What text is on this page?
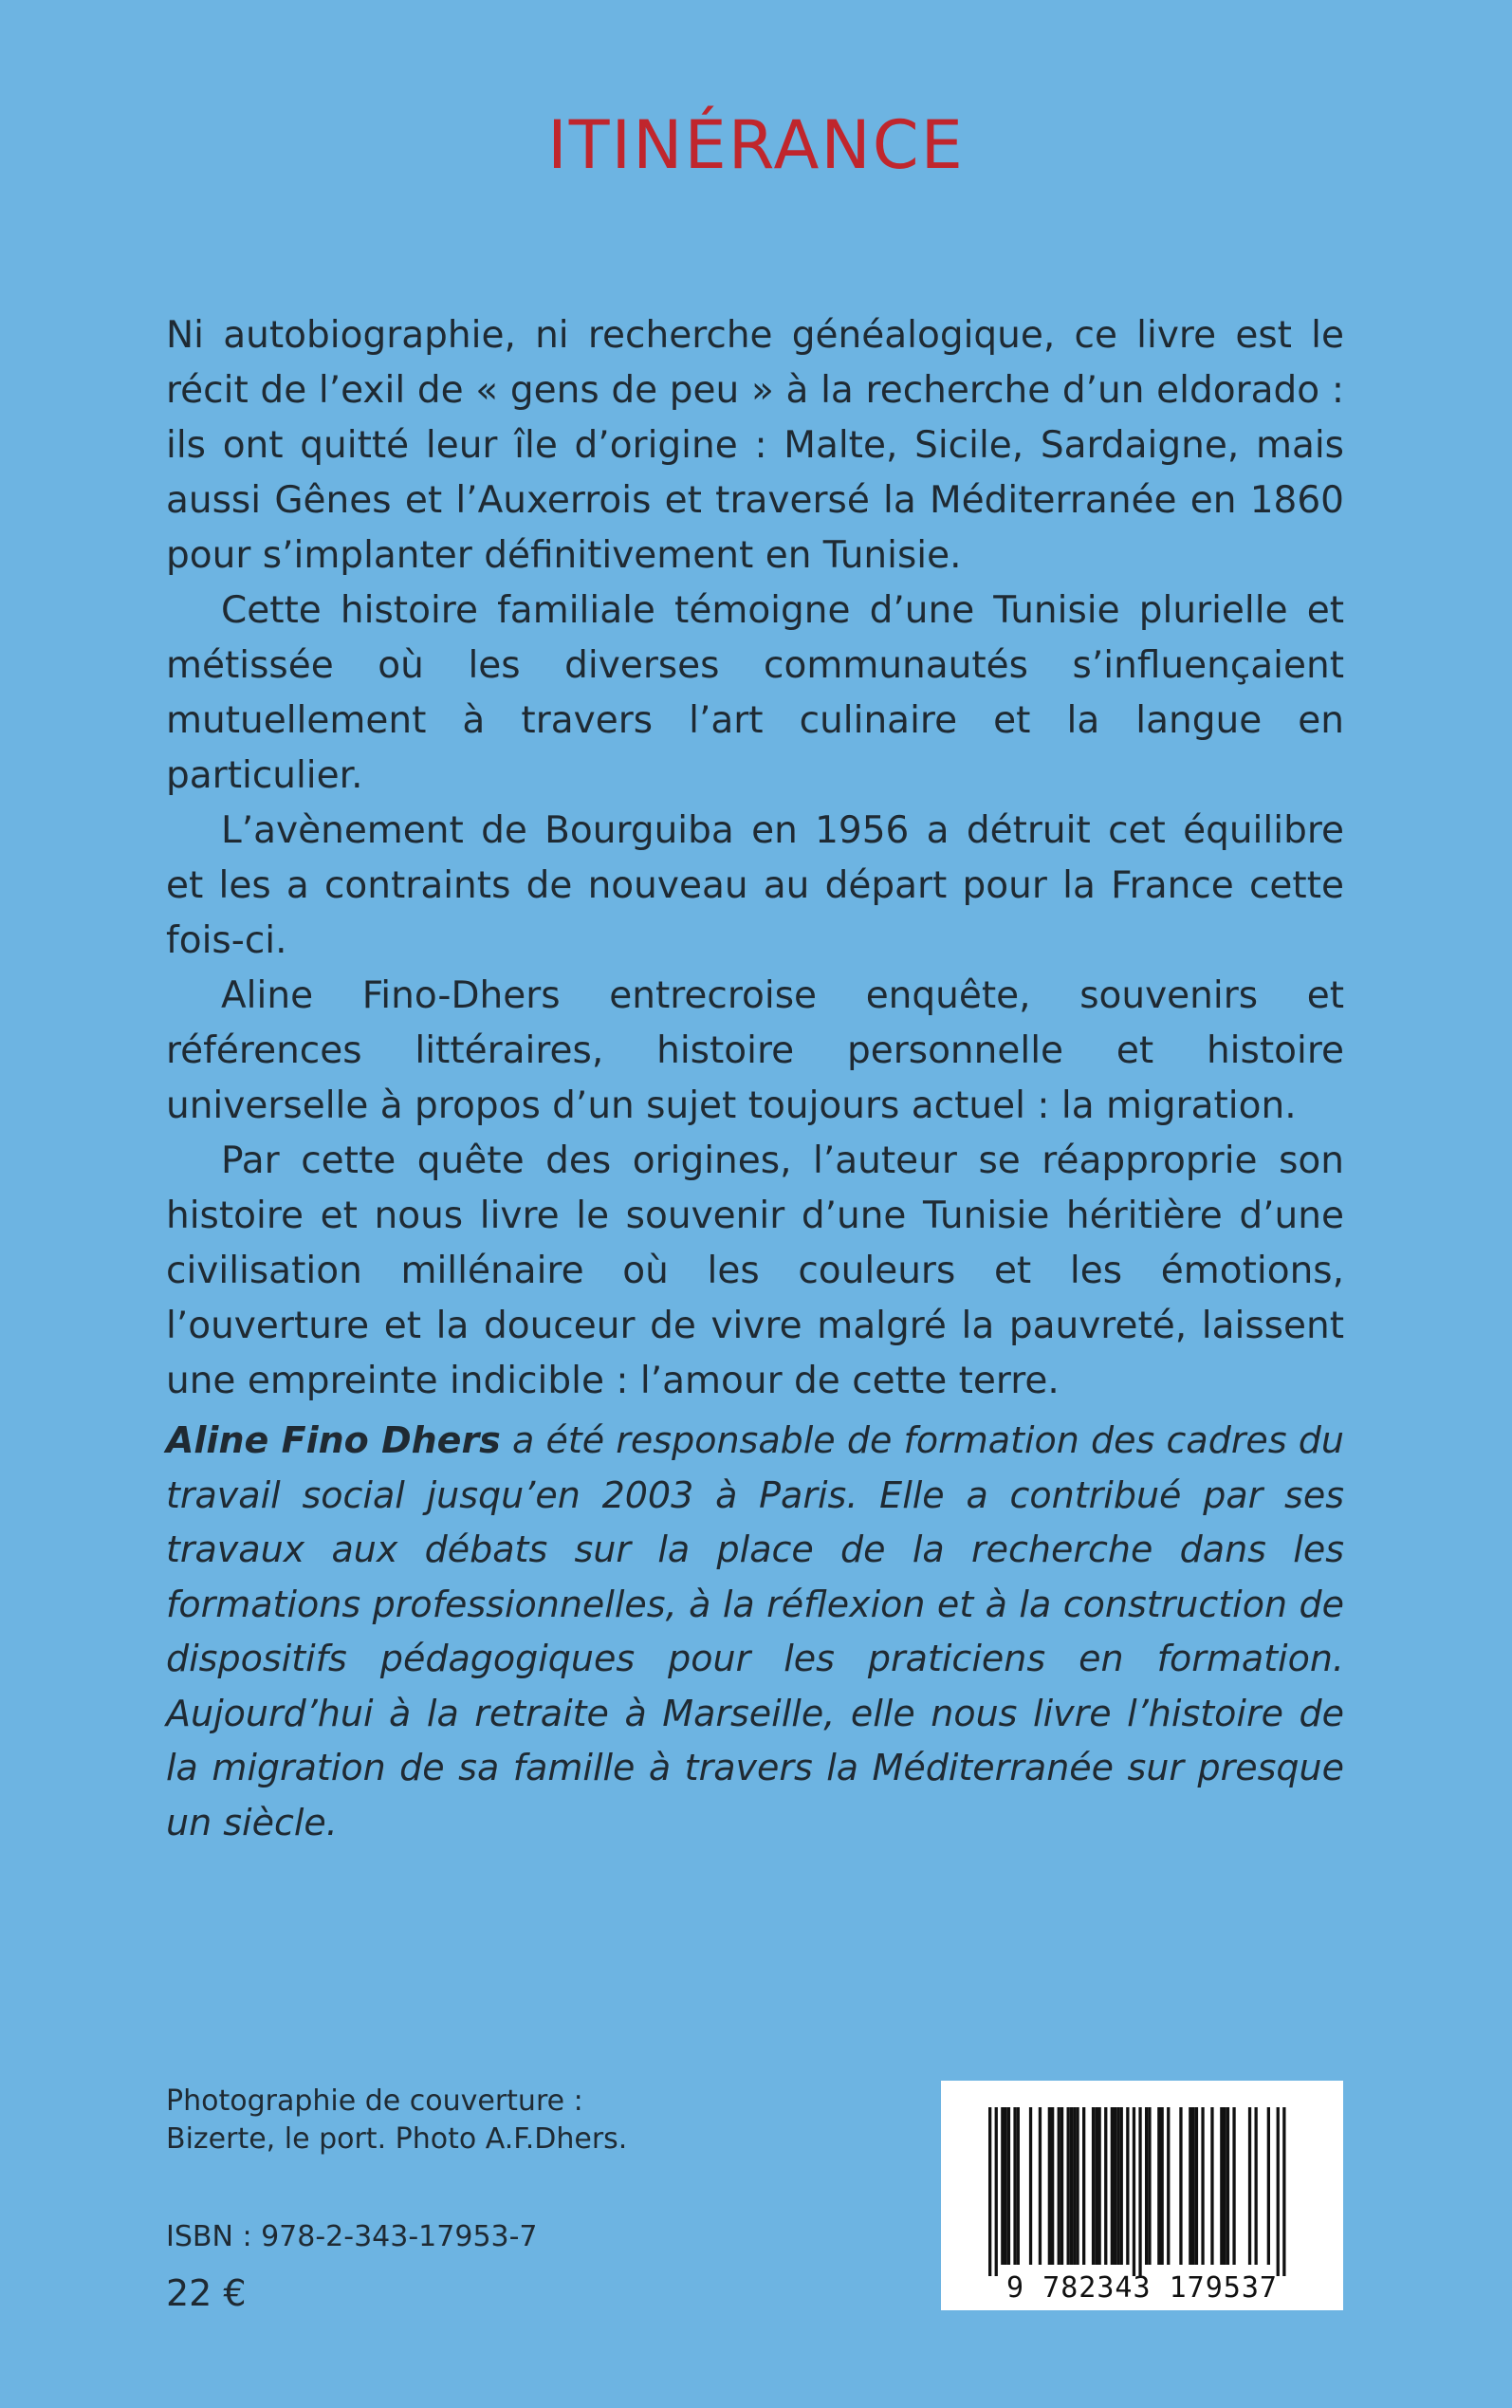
ITINÉRANCE

Ni autobiographie, ni recherche généalogique, ce livre est le récit de l’exil de « gens de peu » à la recherche d’un eldorado : ils ont quitté leur île d’origine : Malte, Sicile, Sardaigne, mais aussi Gênes et l’Auxerrois et traversé la Méditerranée en 1860 pour s’implanter définitivement en Tunisie.

Cette histoire familiale témoigne d’une Tunisie plurielle et métissée où les diverses communautés s’influençaient mutuellement à travers l’art culinaire et la langue en particulier.

L’avènement de Bourguiba en 1956 a détruit cet équilibre et les a contraints de nouveau au départ pour la France cette fois-ci.

Aline Fino-Dhers entrecroise enquête, souvenirs et références littéraires, histoire personnelle et histoire universelle à propos d’un sujet toujours actuel : la migration.

Par cette quête des origines, l’auteur se réapproprie son histoire et nous livre le souvenir d’une Tunisie héritière d’une civilisation millénaire où les couleurs et les émotions, l’ouverture et la douceur de vivre malgré la pauvreté, laissent une empreinte indicible : l’amour de cette terre.

Aline Fino Dhers a été responsable de formation des cadres du travail social jusqu’en 2003 à Paris. Elle a contribué par ses travaux aux débats sur la place de la recherche dans les formations professionnelles, à la réflexion et à la construction de dispositifs pédagogiques pour les praticiens en formation. Aujourd’hui à la retraite à Marseille, elle nous livre l’histoire de la migration de sa famille à travers la Méditerranée sur presque un siècle.

Photographie de couverture :
Bizerte, le port. Photo A.F.Dhers.
ISBN : 978-2-343-17953-7
22 €	9 782343 179537
